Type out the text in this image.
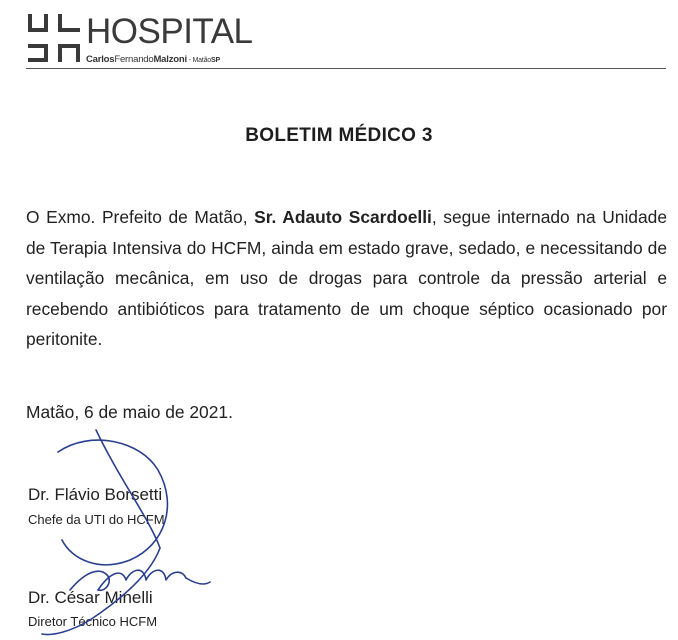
HOSPITAL
CarlosFernandoMalzoni - MatãoSP
BOLETIM MÉDICO 3

O Exmo. Prefeito de Matão, Sr. Adauto Scardoelli, segue internado na Unidade de Terapia Intensiva do HCFM, ainda em estado grave, sedado, e necessitando de ventilação mecânica, em uso de drogas para controle da pressão arterial e recebendo antibióticos para tratamento de um choque séptico ocasionado por peritonite.

Matão, 6 de maio de 2021.

Dr. Flávio Borsetti
Chefe da UTI do HCFM
Dr. César Minelli
Diretor Técnico HCFM
